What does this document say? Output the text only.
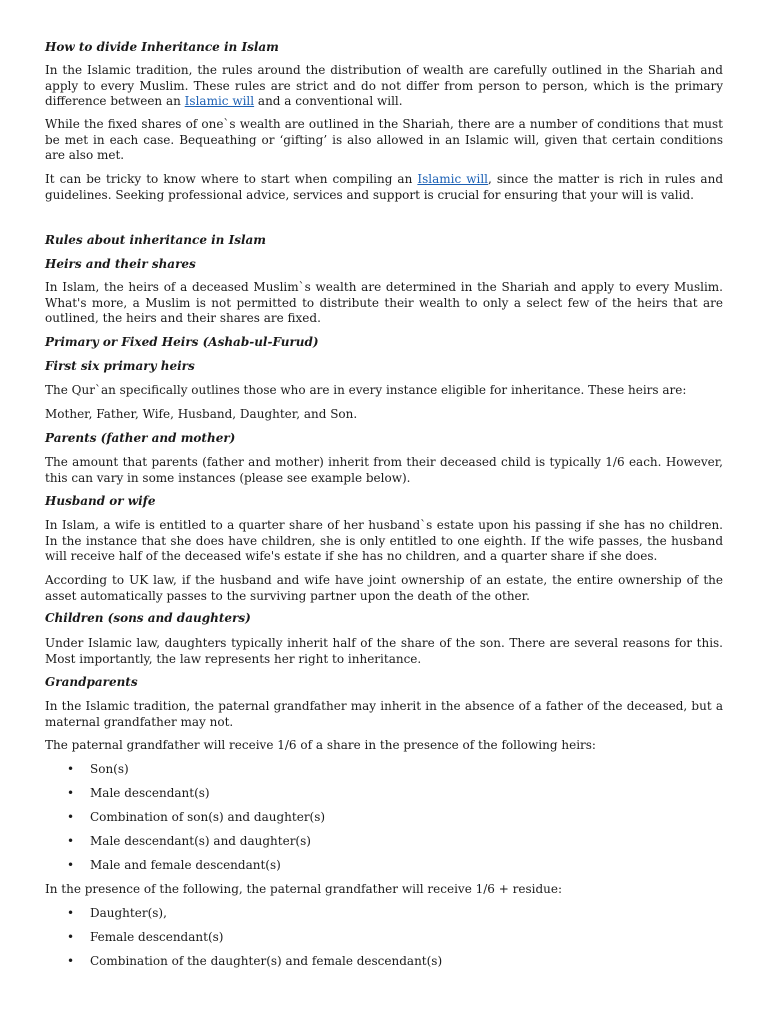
How to divide Inheritance in Islam

In the Islamic tradition, the rules around the distribution of wealth are carefully outlined in the Shariah and apply to every Muslim. These rules are strict and do not differ from person to person, which is the primary difference between an Islamic will and a conventional will.

While the fixed shares of one`s wealth are outlined in the Shariah, there are a number of conditions that must be met in each case. Bequeathing or ‘gifting’ is also allowed in an Islamic will, given that certain conditions are also met.

It can be tricky to know where to start when compiling an Islamic will, since the matter is rich in rules and guidelines. Seeking professional advice, services and support is crucial for ensuring that your will is valid.

Rules about inheritance in Islam

Heirs and their shares

In Islam, the heirs of a deceased Muslim`s wealth are determined in the Shariah and apply to every Muslim. What's more, a Muslim is not permitted to distribute their wealth to only a select few of the heirs that are outlined, the heirs and their shares are fixed.

Primary or Fixed Heirs (Ashab-ul-Furud)

First six primary heirs

The Qur`an specifically outlines those who are in every instance eligible for inheritance. These heirs are:

Mother, Father, Wife, Husband, Daughter, and Son.

Parents (father and mother)

The amount that parents (father and mother) inherit from their deceased child is typically 1/6 each. However, this can vary in some instances (please see example below).

Husband or wife

In Islam, a wife is entitled to a quarter share of her husband`s estate upon his passing if she has no children. In the instance that she does have children, she is only entitled to one eighth. If the wife passes, the husband will receive half of the deceased wife's estate if she has no children, and a quarter share if she does.

According to UK law, if the husband and wife have joint ownership of an estate, the entire ownership of the asset automatically passes to the surviving partner upon the death of the other.

Children (sons and daughters)

Under Islamic law, daughters typically inherit half of the share of the son. There are several reasons for this. Most importantly, the law represents her right to inheritance.

Grandparents

In the Islamic tradition, the paternal grandfather may inherit in the absence of a father of the deceased, but a maternal grandfather may not.

The paternal grandfather will receive 1/6 of a share in the presence of the following heirs:

• Son(s)
• Male descendant(s)
• Combination of son(s) and daughter(s)
• Male descendant(s) and daughter(s)
• Male and female descendant(s)

In the presence of the following, the paternal grandfather will receive 1/6 + residue:

• Daughter(s),
• Female descendant(s)
• Combination of the daughter(s) and female descendant(s)
